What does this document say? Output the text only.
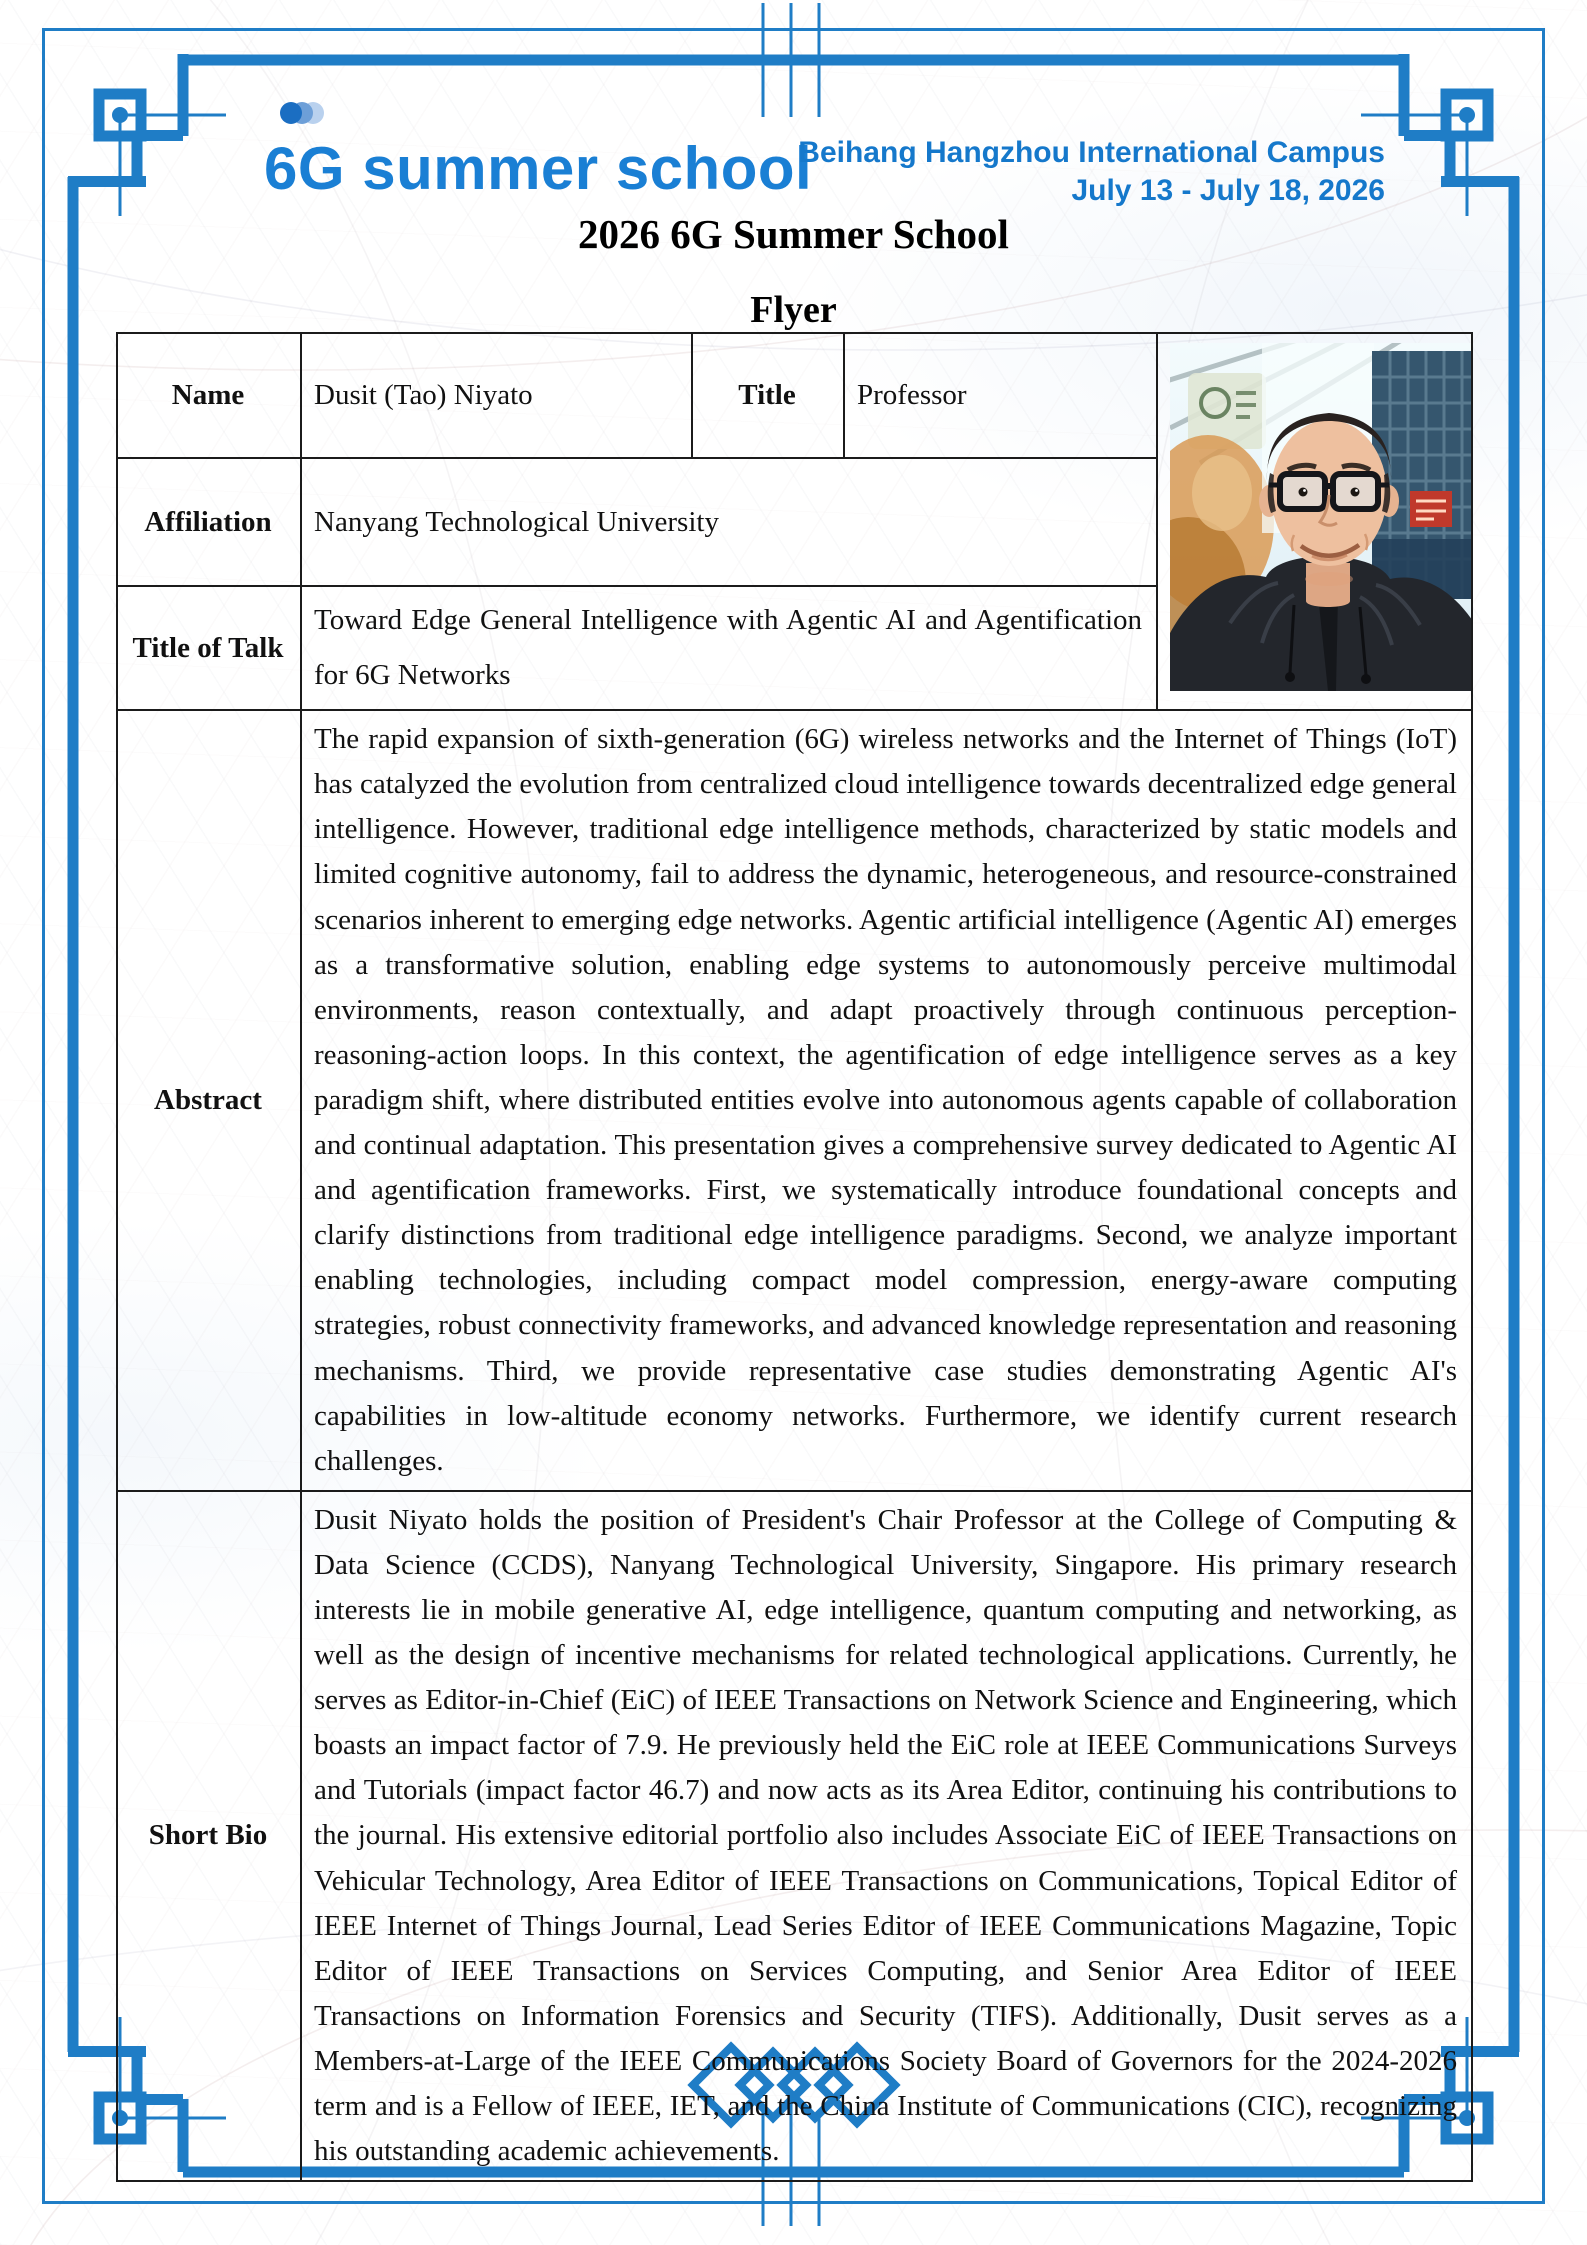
6G summer school
Beihang Hangzhou International Campus
July 13 - July 18, 2026
2026 6G Summer School
Flyer
Name	Dusit (Tao) Niyato	Title	Professor	

Affiliation	Nanyang Technological University			
Title of Talk	Toward Edge General Intelligence with Agentic AI and Agentification for 6G Networks			
Abstract	The rapid expansion of sixth-generation (6G) wireless networks and the Internet of Things (IoT) has catalyzed the evolution from centralized cloud intelligence towards decentralized edge general intelligence. However, traditional edge intelligence methods, characterized by static models and limited cognitive autonomy, fail to address the dynamic, heterogeneous, and resource-constrained scenarios inherent to emerging edge networks. Agentic artificial intelligence (Agentic AI) emerges as a transformative solution, enabling edge systems to autonomously perceive multimodal environments, reason contextually, and adapt proactively through continuous perception-reasoning-action loops. In this context, the agentification of edge intelligence serves as a key paradigm shift, where distributed entities evolve into autonomous agents capable of collaboration and continual adaptation. This presentation gives a comprehensive survey dedicated to Agentic AI and agentification frameworks. First, we systematically introduce foundational concepts and clarify distinctions from traditional edge intelligence paradigms. Second, we analyze important enabling technologies, including compact model compression, energy-aware computing strategies, robust connectivity frameworks, and advanced knowledge representation and reasoning mechanisms. Third, we provide representative case studies demonstrating Agentic AI's capabilities in low-altitude economy networks. Furthermore, we identify current research challenges.			
Short Bio	Dusit Niyato holds the position of President's Chair Professor at the College of Computing & Data Science (CCDS), Nanyang Technological University, Singapore. His primary research interests lie in mobile generative AI, edge intelligence, quantum computing and networking, as well as the design of incentive mechanisms for related technological applications. Currently, he serves as Editor-in-Chief (EiC) of IEEE Transactions on Network Science and Engineering, which boasts an impact factor of 7.9. He previously held the EiC role at IEEE Communications Surveys and Tutorials (impact factor 46.7) and now acts as its Area Editor, continuing his contributions to the journal. His extensive editorial portfolio also includes Associate EiC of IEEE Transactions on Vehicular Technology, Area Editor of IEEE Transactions on Communications, Topical Editor of IEEE Internet of Things Journal, Lead Series Editor of IEEE Communications Magazine, Topic Editor of IEEE Transactions on Services Computing, and Senior Area Editor of IEEE Transactions on Information Forensics and Security (TIFS). Additionally, Dusit serves as a Members-at-Large of the IEEE Communications Society Board of Governors for the 2024-2026 term and is a Fellow of IEEE, IET, and the China Institute of Communications (CIC), recognizing his outstanding academic achievements.			
